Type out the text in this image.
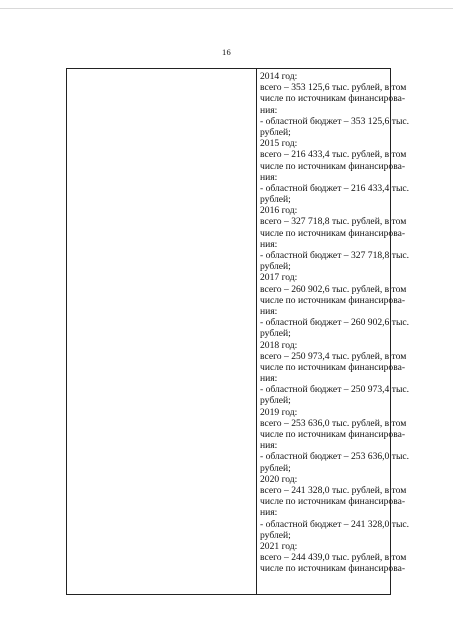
16
2014 год:
всего – 353 125,6 тыс. рублей, в том
числе по источникам финансирова-
ния:
- областной бюджет – 353 125,6 тыс.
рублей;
2015 год:
всего – 216 433,4 тыс. рублей, в том
числе по источникам финансирова-
ния:
- областной бюджет – 216 433,4 тыс.
рублей;
2016 год:
всего – 327 718,8 тыс. рублей, в том
числе по источникам финансирова-
ния:
- областной бюджет – 327 718,8 тыс.
рублей;
2017 год:
всего – 260 902,6 тыс. рублей, в том
числе по источникам финансирова-
ния:
- областной бюджет – 260 902,6 тыс.
рублей;
2018 год:
всего – 250 973,4 тыс. рублей, в том
числе по источникам финансирова-
ния:
- областной бюджет – 250 973,4 тыс.
рублей;
2019 год:
всего – 253 636,0 тыс. рублей, в том
числе по источникам финансирова-
ния:
- областной бюджет – 253 636,0 тыс.
рублей;
2020 год:
всего – 241 328,0 тыс. рублей, в том
числе по источникам финансирова-
ния:
- областной бюджет – 241 328,0 тыс.
рублей;
2021 год:
всего – 244 439,0 тыс. рублей, в том
числе по источникам финансирова-
